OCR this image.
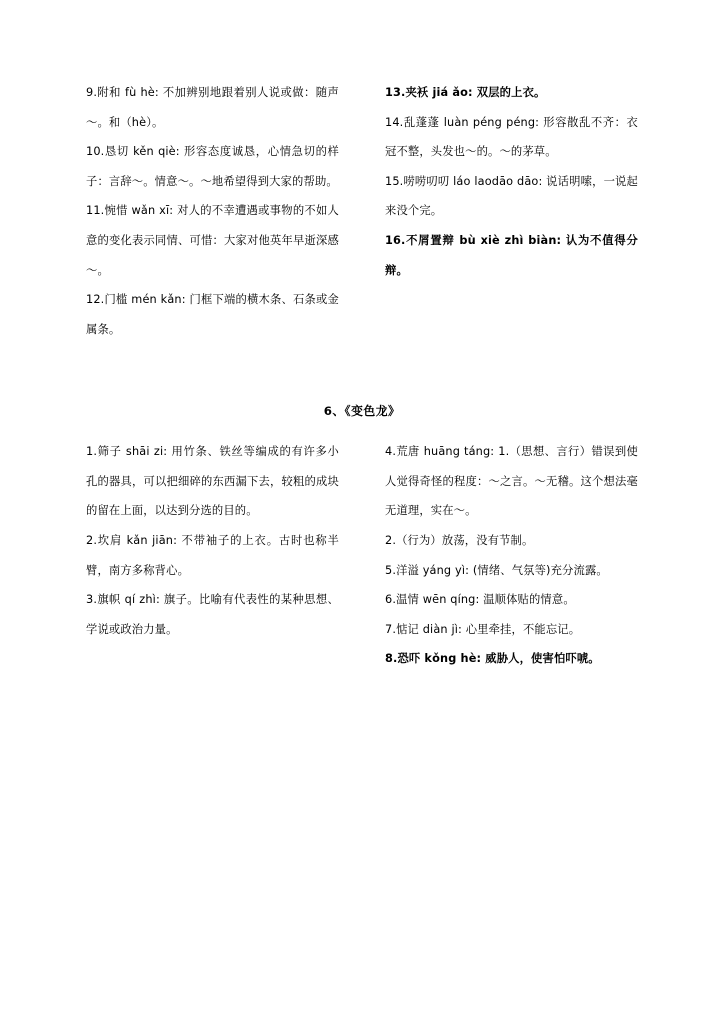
9.附和 fù hè: 不加辨别地跟着别人说或做：随声～。和（hè）。

10.恳切 kěn qiè: 形容态度诚恳，心情急切的样子：言辞～。情意～。～地希望得到大家的帮助。

11.惋惜 wǎn xī: 对人的不幸遭遇或事物的不如人意的变化表示同情、可惜：大家对他英年早逝深感～。

12.门槛 mén kǎn: 门框下端的横木条、石条或金属条。

13.夹袄 jiá ǎo: 双层的上衣。

14.乱蓬蓬 luàn péng péng: 形容散乱不齐：衣冠不整，头发也～的。～的茅草。

15.唠唠叨叨 láo laodāo dāo: 说话明嗦，一说起来没个完。

16.不屑置辩 bù xiè zhì biàn: 认为不值得分辩。

6、《变色龙》

1.筛子 shāi zi: 用竹条、铁丝等编成的有许多小孔的器具，可以把细碎的东西漏下去，较粗的成块的留在上面，以达到分选的目的。

2.坎肩 kǎn jiān: 不带袖子的上衣。古时也称半臂，南方多称背心。

3.旗帜 qí zhì: 旗子。比喻有代表性的某种思想、学说或政治力量。

4.荒唐 huāng táng: 1.（思想、言行）错误到使人觉得奇怪的程度：～之言。～无稽。这个想法毫无道理，实在～。

2.（行为）放荡，没有节制。

5.洋溢 yáng yì: (情绪、气氛等)充分流露。

6.温情 wēn qíng: 温顺体贴的情意。

7.惦记 diàn jì: 心里牵挂，不能忘记。

8.恐吓 kǒng hè: 威胁人，使害怕吓唬。
